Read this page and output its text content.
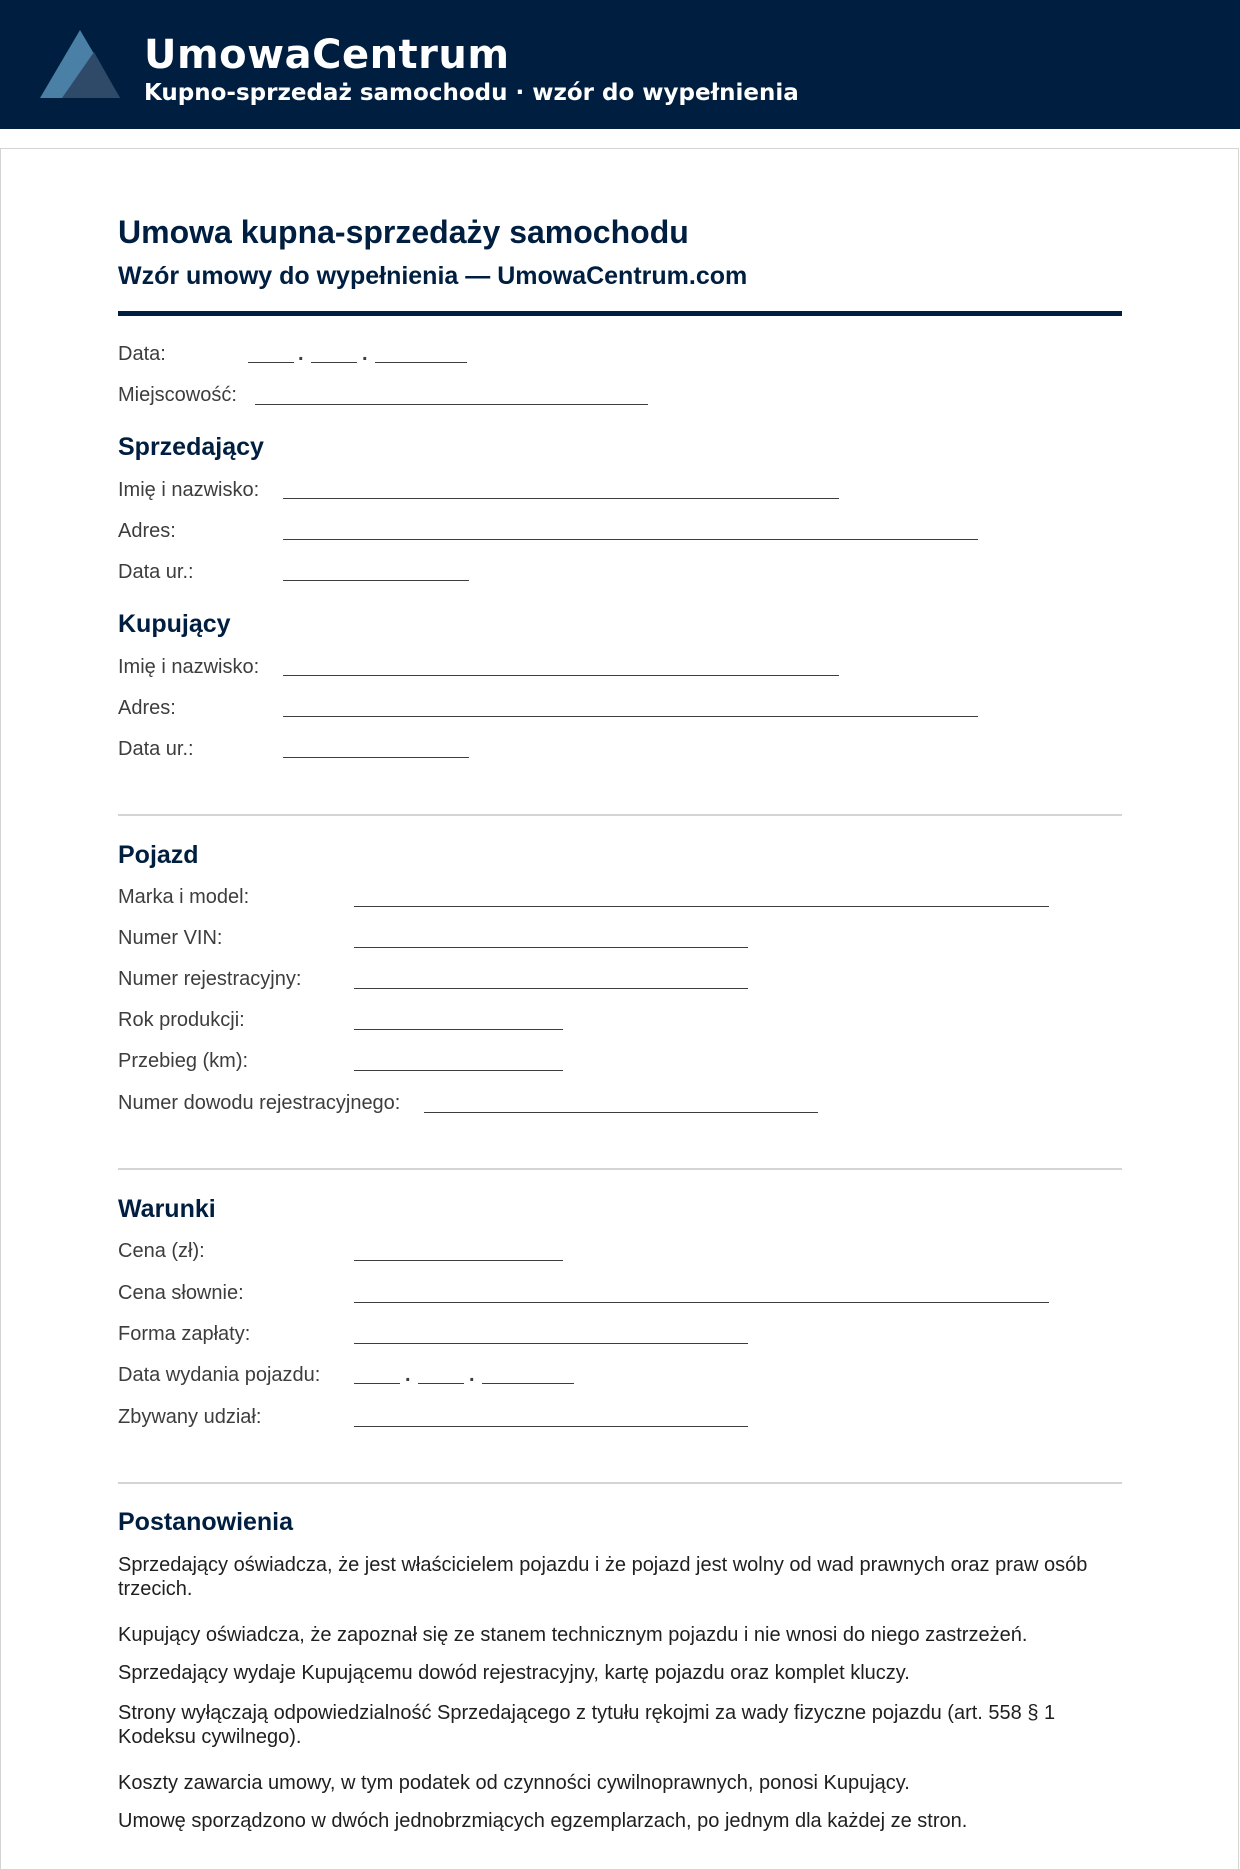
UmowaCentrum
Kupno-sprzedaż samochodu · wzór do wypełnienia
Umowa kupna-sprzedaży samochodu
Wzór umowy do wypełnienia — UmowaCentrum.com
Data:	.	.
Miejscowość:
Sprzedający
Imię i nazwisko:
Adres:
Data ur.:
Kupujący
Imię i nazwisko:
Adres:
Data ur.:
Pojazd
Marka i model:
Numer VIN:
Numer rejestracyjny:
Rok produkcji:
Przebieg (km):
Numer dowodu rejestracyjnego:
Warunki
Cena (zł):
Cena słownie:
Forma zapłaty:
Data wydania pojazdu:	.	.
Zbywany udział:
Postanowienia
Sprzedający oświadcza, że jest właścicielem pojazdu i że pojazd jest wolny od wad prawnych oraz praw osób trzecich.
Kupujący oświadcza, że zapoznał się ze stanem technicznym pojazdu i nie wnosi do niego zastrzeżeń.
Sprzedający wydaje Kupującemu dowód rejestracyjny, kartę pojazdu oraz komplet kluczy.
Strony wyłączają odpowiedzialność Sprzedającego z tytułu rękojmi za wady fizyczne pojazdu (art. 558 § 1 Kodeksu cywilnego).
Koszty zawarcia umowy, w tym podatek od czynności cywilnoprawnych, ponosi Kupujący.
Umowę sporządzono w dwóch jednobrzmiących egzemplarzach, po jednym dla każdej ze stron.
